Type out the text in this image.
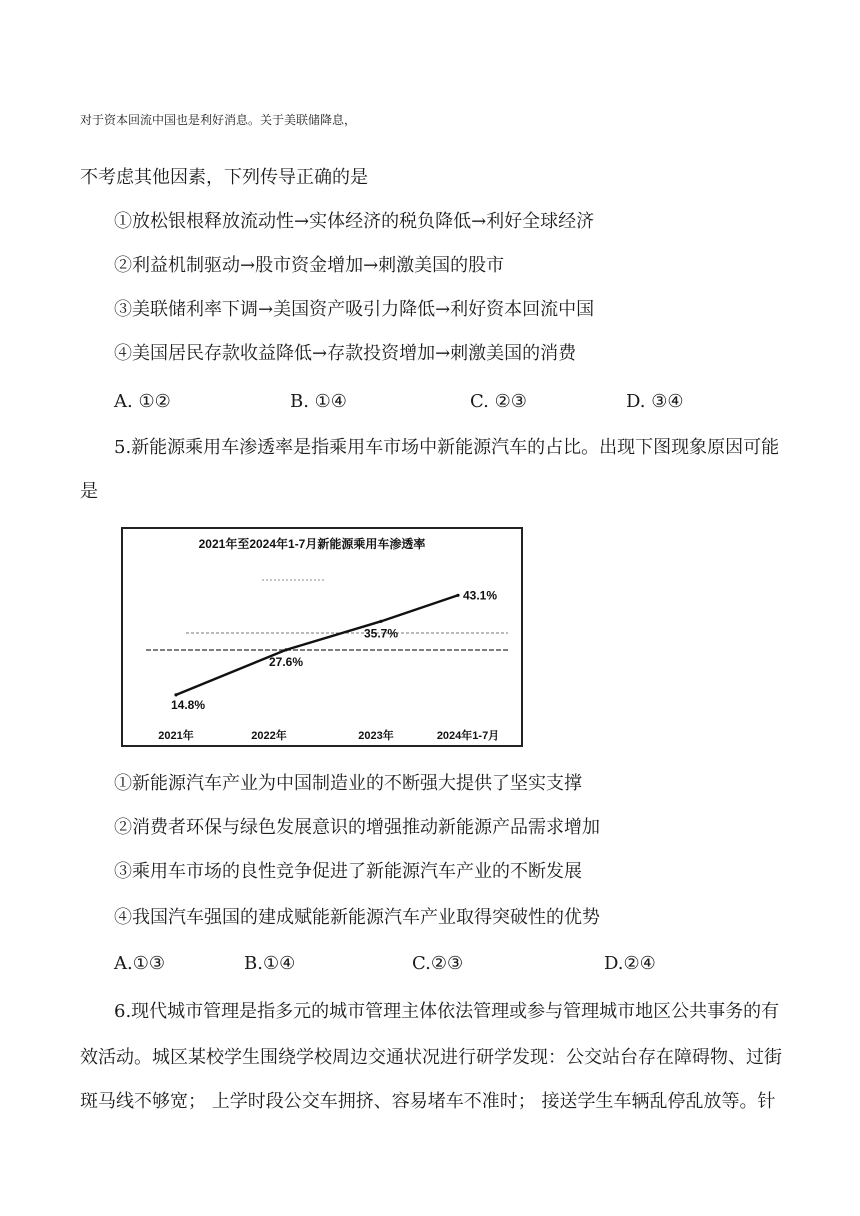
对于资本回流中国也是利好消息。关于美联储降息，
不考虑其他因素，下列传导正确的是
①放松银根释放流动性→实体经济的税负降低→利好全球经济
②利益机制驱动→股市资金增加→刺激美国的股市
③美联储利率下调→美国资产吸引力降低→利好资本回流中国
④美国居民存款收益降低→存款投资增加→刺激美国的消费
A. ①②	B. ①④	C. ②③	D. ③④
5.新能源乘用车渗透率是指乘用车市场中新能源汽车的占比。出现下图现象原因可能
是
2021年至2024年1-7月新能源乘用车渗透率
14.8%
27.6%
35.7%
43.1%
2021年	2022年	2023年	2024年1-7月
①新能源汽车产业为中国制造业的不断强大提供了坚实支撑
②消费者环保与绿色发展意识的增强推动新能源产品需求增加
③乘用车市场的良性竞争促进了新能源汽车产业的不断发展
④我国汽车强国的建成赋能新能源汽车产业取得突破性的优势
A.①③	B.①④	C.②③	D.②④
6.现代城市管理是指多元的城市管理主体依法管理或参与管理城市地区公共事务的有
效活动。城区某校学生围绕学校周边交通状况进行研学发现：公交站台存在障碍物、过街
斑马线不够宽； 上学时段公交车拥挤、容易堵车不准时； 接送学生车辆乱停乱放等。针
